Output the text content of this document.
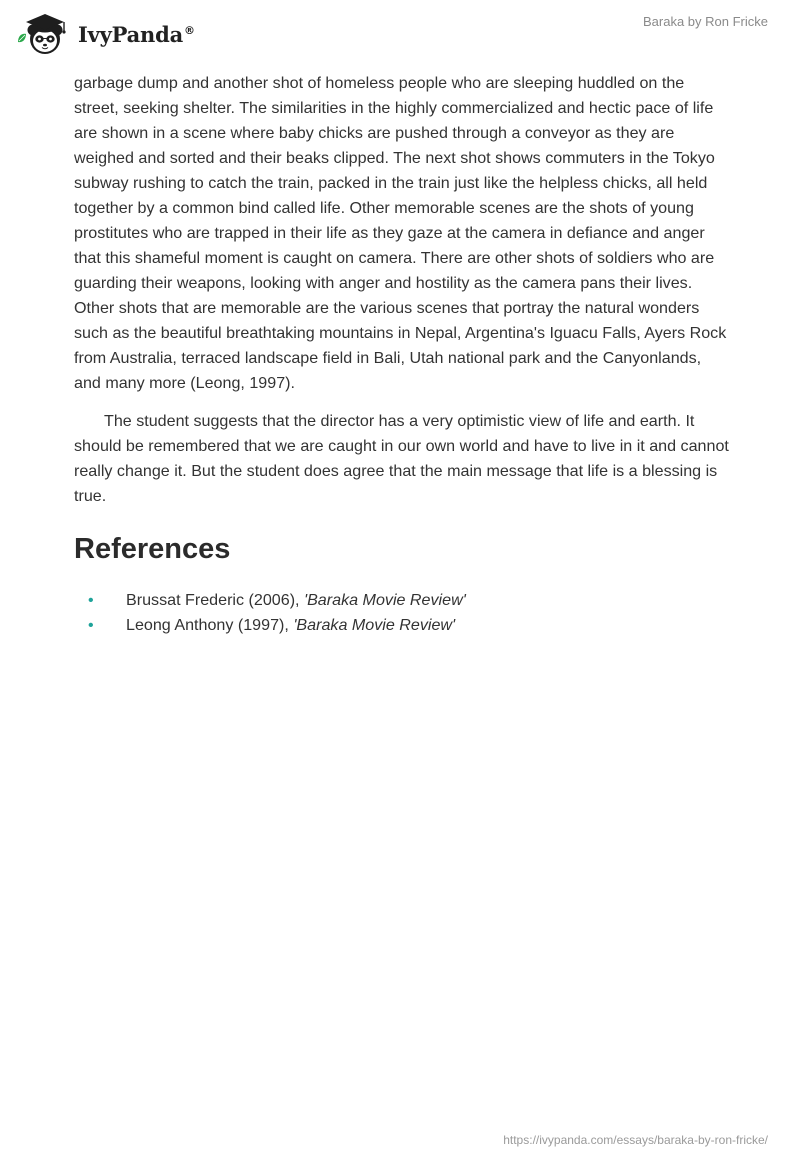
IvyPanda®
Baraka by Ron Fricke

garbage dump and another shot of homeless people who are sleeping huddled on the street, seeking shelter. The similarities in the highly commercialized and hectic pace of life are shown in a scene where baby chicks are pushed through a conveyor as they are weighed and sorted and their beaks clipped. The next shot shows commuters in the Tokyo subway rushing to catch the train, packed in the train just like the helpless chicks, all held together by a common bind called life. Other memorable scenes are the shots of young prostitutes who are trapped in their life as they gaze at the camera in defiance and anger that this shameful moment is caught on camera. There are other shots of soldiers who are guarding their weapons, looking with anger and hostility as the camera pans their lives. Other shots that are memorable are the various scenes that portray the natural wonders such as the beautiful breathtaking mountains in Nepal, Argentina's Iguacu Falls, Ayers Rock from Australia, terraced landscape field in Bali, Utah national park and the Canyonlands, and many more (Leong, 1997).

The student suggests that the director has a very optimistic view of life and earth. It should be remembered that we are caught in our own world and have to live in it and cannot really change it. But the student does agree that the main message that life is a blessing is true.

References
• Brussat Frederic (2006), 'Baraka Movie Review'
• Leong Anthony (1997), 'Baraka Movie Review'
https://ivypanda.com/essays/baraka-by-ron-fricke/
